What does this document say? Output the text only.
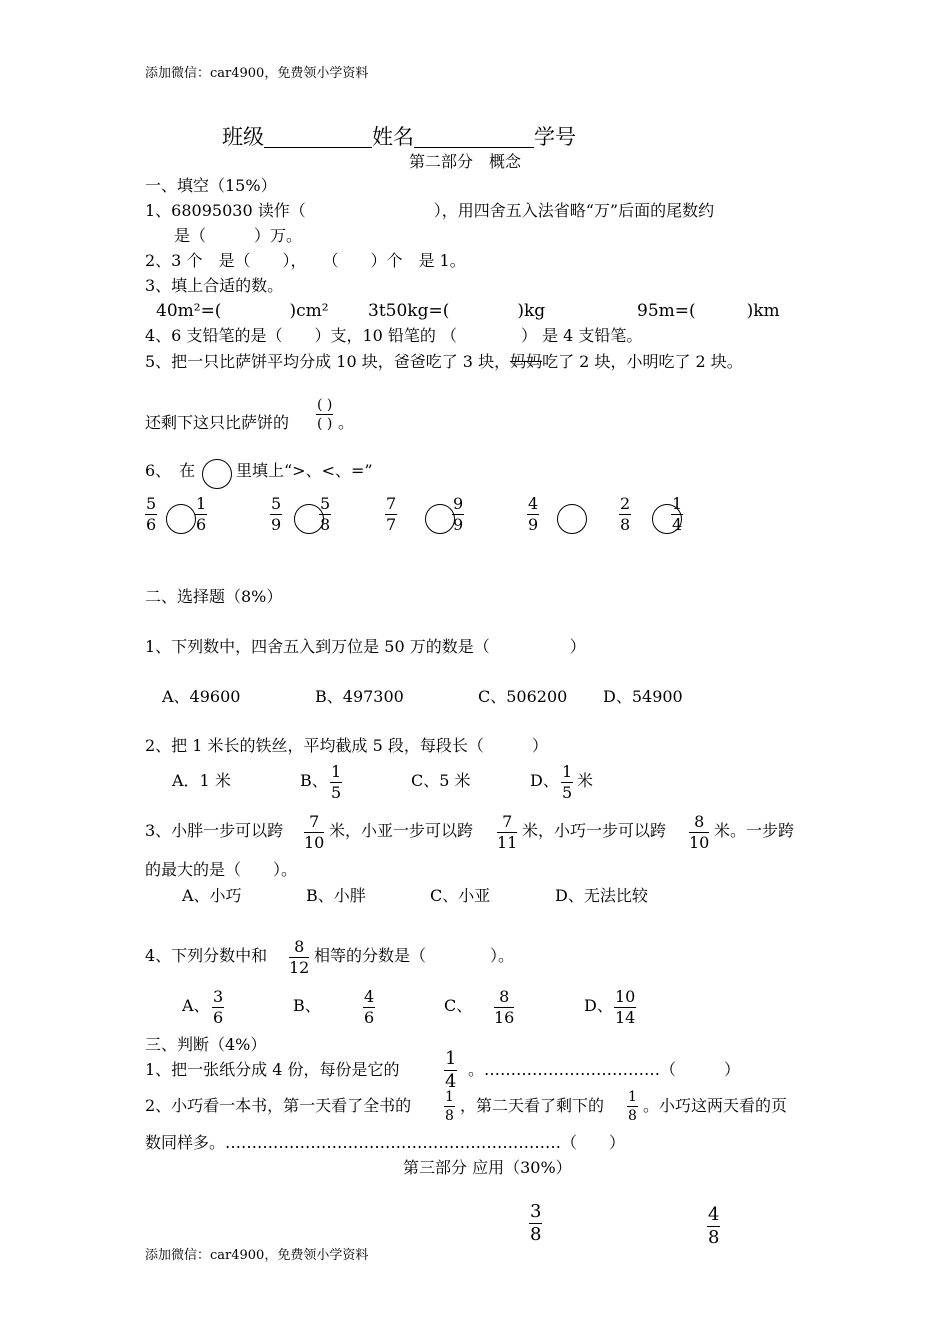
添加微信：car4900，免费领小学资料
班级	姓名	学号
第二部分　概念
一、填空（15%）
1、68095030 读作（　　　　　　　　），用四舍五入法省略“万”后面的尾数约
是（　　　）万。
2、3 个　是（　　），　　（　　）个　是 1。
3、填上合适的数。
40m²=(　　　　)cm² 3t50kg=(　　　　)kg	95m=(　　　)km
4、6 支铅笔的是（　　）支，10 铅笔的 （　　　　） 是 4 支铅笔。
5、把一只比萨饼平均分成 10 块，爸爸吃了 3 块，妈妈吃了 2 块，小明吃了 2 块。
还剩下这只比萨饼的
( )
( ) 。
6、　在	里填上“>、<、=”
$\frac{5}{6} \frac{1}{6}$	$\frac{5}{9} \frac{5}{8}$	$\frac{7}{7}$	$\frac{9}{9}$	$\frac{4}{9}$	$\frac{2}{8} \frac{1}{4}$
二、选择题（8%）
1、下列数中，四舍五入到万位是 50 万的数是（　　　　　）
A、49600	B、497300	C、506200 D、54900
2、把 1 米长的铁丝，平均截成 5 段，每段长（　　　）
A．1 米	B、 $\frac{1}{5}$	C、5 米	D、 $\frac{1}{5}$ 米
3、小胖一步可以跨 $\frac{7}{10}$ 米，小亚一步可以跨 $\frac{7}{11}$ 米，小巧一步可以跨 $\frac{8}{10}$ 米。一步跨
的最大的是（　　）。
A、小巧	B、小胖	C、小亚	D、无法比较
4、下列分数中和 $\frac{8}{12}$ 相等的分数是（　　　　）。
A、 $\frac{3}{6}$	B、	$\frac{4}{6}$	C、 $\frac{8}{16}$	D、 $\frac{10}{14}$
三、判断（4%）
1、把一张纸分成 4 份，每份是它的 $\frac{1}{4}$ 。……………………………（　　　）
2、小巧看一本书，第一天看了全书的 $\frac{1}{8}$ ，第二天看了剩下的 $\frac{1}{8}$ 。小巧这两天看的页
数同样多。………………………………………………………（　　）
第三部分 应用（30%）
$\frac{3}{8}$	$\frac{4}{8}$
添加微信：car4900，免费领小学资料
